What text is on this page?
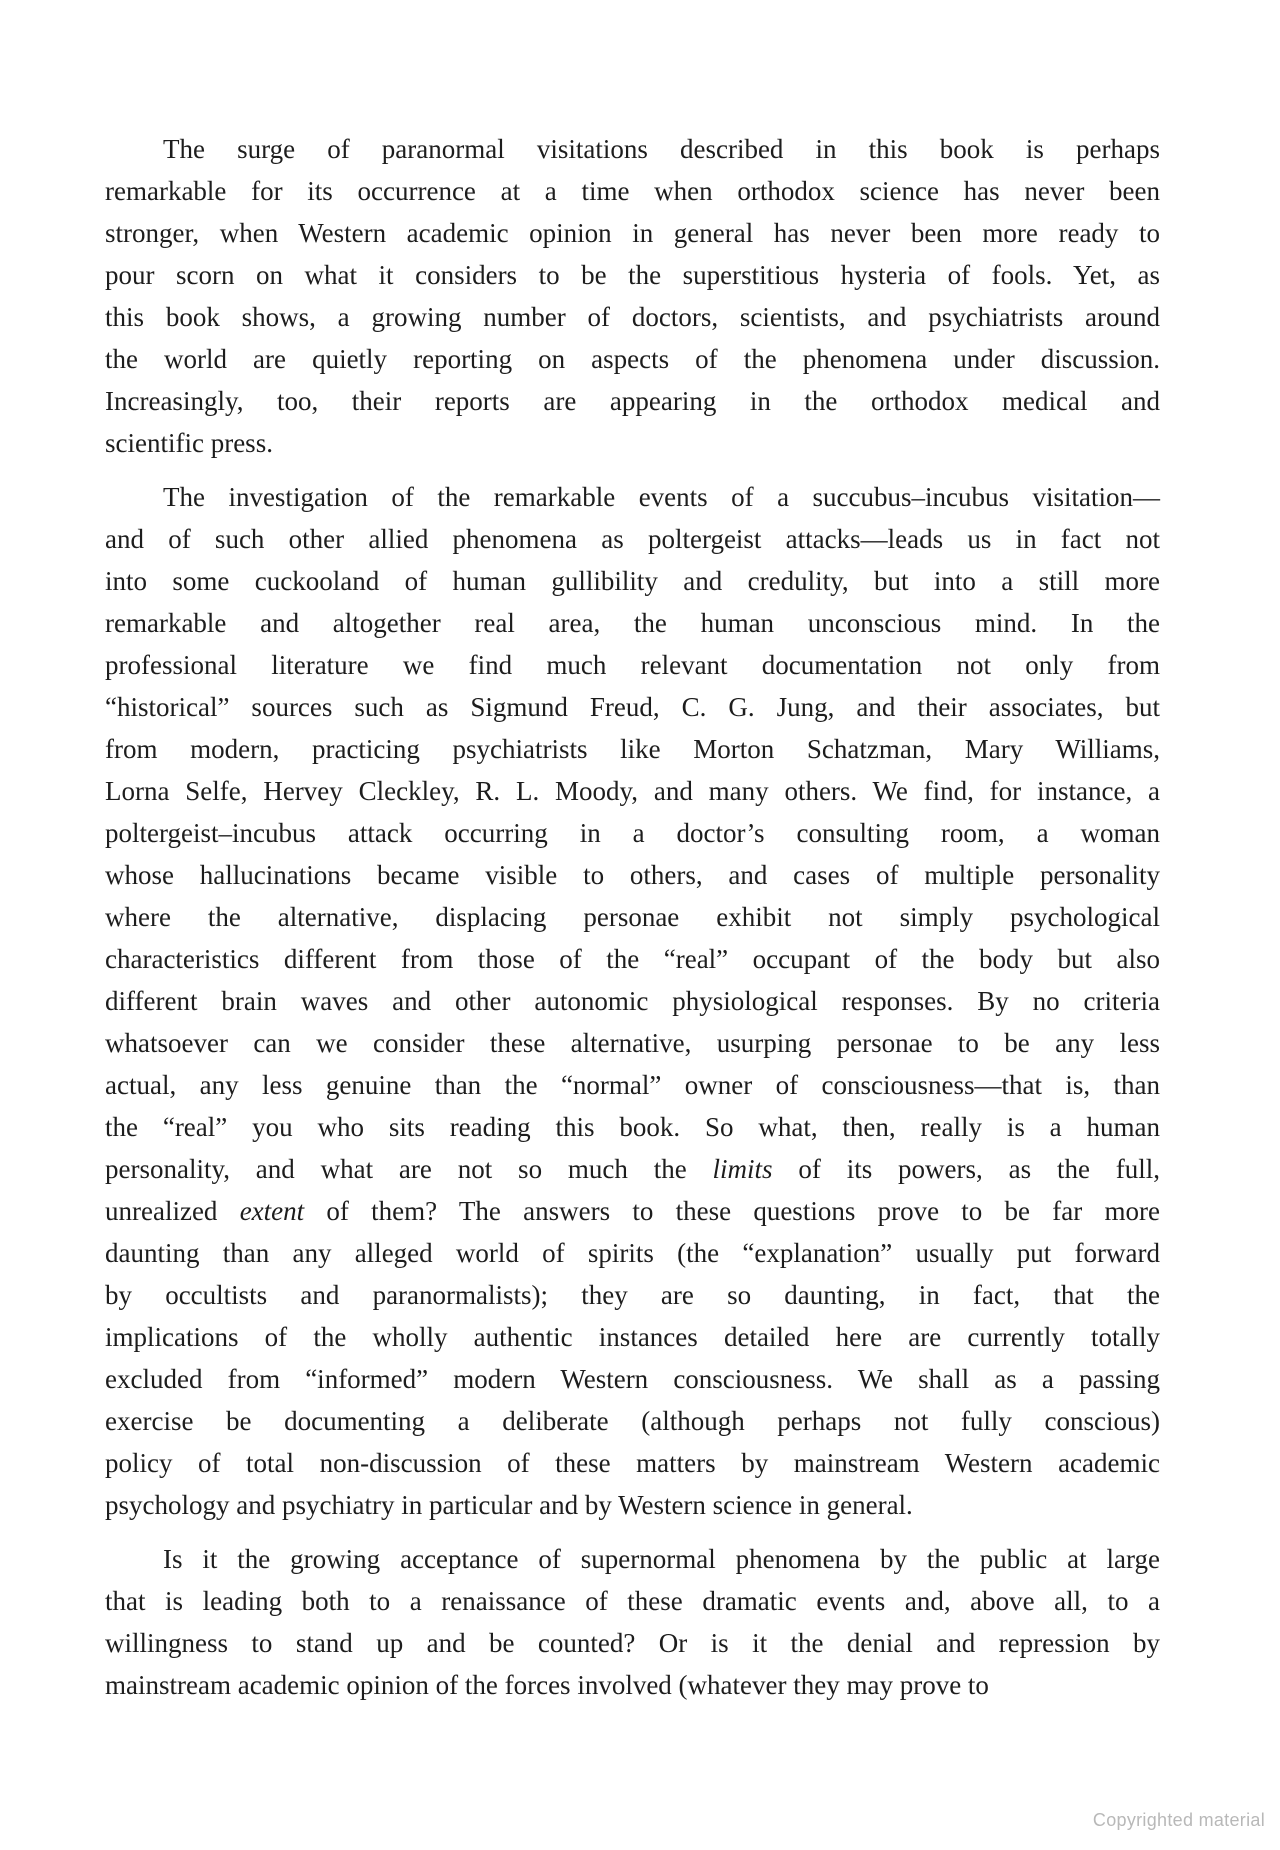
The surge of paranormal visitations described in this book is perhaps
remarkable for its occurrence at a time when orthodox science has never been
stronger, when Western academic opinion in general has never been more ready to
pour scorn on what it considers to be the superstitious hysteria of fools. Yet, as
this book shows, a growing number of doctors, scientists, and psychiatrists around
the world are quietly reporting on aspects of the phenomena under discussion.
Increasingly, too, their reports are appearing in the orthodox medical and
scientific press.
The investigation of the remarkable events of a succubus–incubus visitation—
and of such other allied phenomena as poltergeist attacks—leads us in fact not
into some cuckooland of human gullibility and credulity, but into a still more
remarkable and altogether real area, the human unconscious mind. In the
professional literature we find much relevant documentation not only from
“historical” sources such as Sigmund Freud, C. G. Jung, and their associates, but
from modern, practicing psychiatrists like Morton Schatzman, Mary Williams,
Lorna Selfe, Hervey Cleckley, R. L. Moody, and many others. We find, for instance, a
poltergeist–incubus attack occurring in a doctor’s consulting room, a woman
whose hallucinations became visible to others, and cases of multiple personality
where the alternative, displacing personae exhibit not simply psychological
characteristics different from those of the “real” occupant of the body but also
different brain waves and other autonomic physiological responses. By no criteria
whatsoever can we consider these alternative, usurping personae to be any less
actual, any less genuine than the “normal” owner of consciousness—that is, than
the “real” you who sits reading this book. So what, then, really is a human
personality, and what are not so much the limits of its powers, as the full,
unrealized extent of them? The answers to these questions prove to be far more
daunting than any alleged world of spirits (the “explanation” usually put forward
by occultists and paranormalists); they are so daunting, in fact, that the
implications of the wholly authentic instances detailed here are currently totally
excluded from “informed” modern Western consciousness. We shall as a passing
exercise be documenting a deliberate (although perhaps not fully conscious)
policy of total non-discussion of these matters by mainstream Western academic
psychology and psychiatry in particular and by Western science in general.
Is it the growing acceptance of supernormal phenomena by the public at large
that is leading both to a renaissance of these dramatic events and, above all, to a
willingness to stand up and be counted? Or is it the denial and repression by
mainstream academic opinion of the forces involved (whatever they may prove to
Copyrighted material
